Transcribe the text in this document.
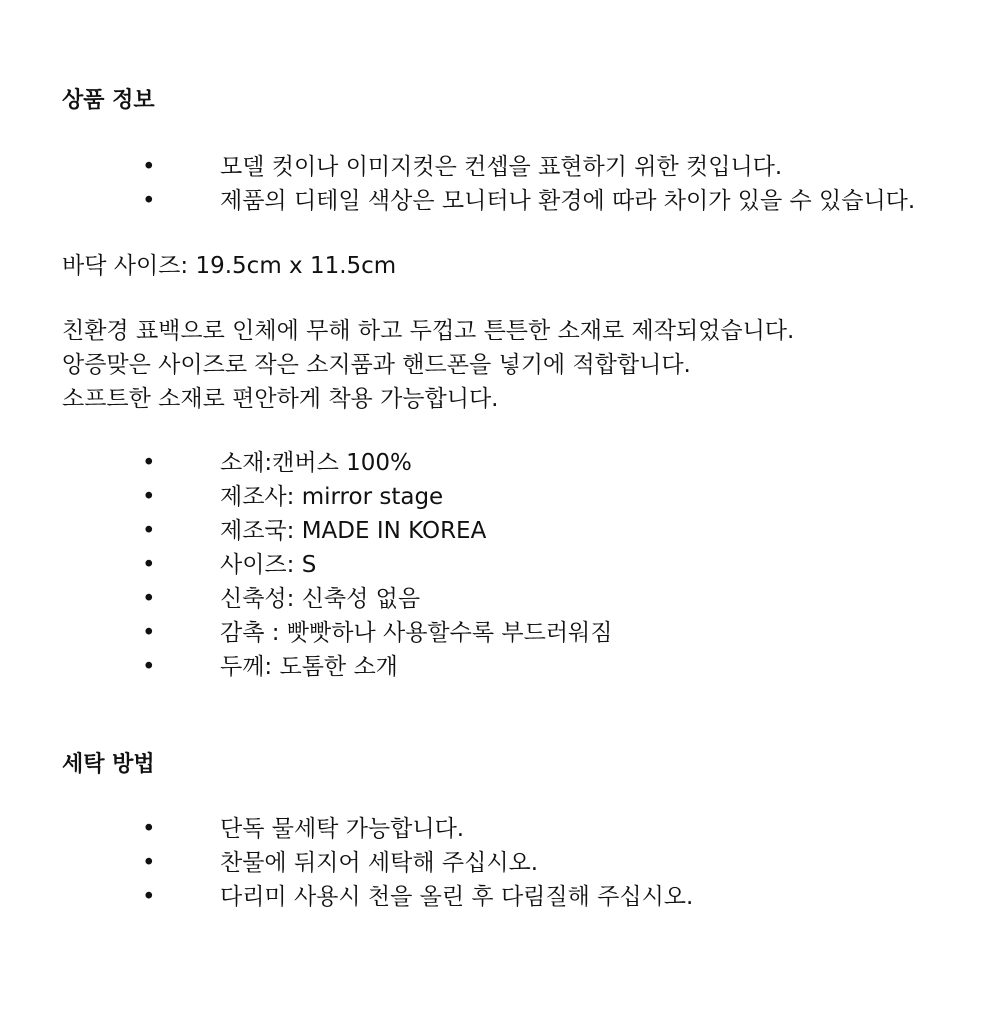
상품 정보
•	모델 컷이나 이미지컷은 컨셉을 표현하기 위한 컷입니다.
•	제품의 디테일 색상은 모니터나 환경에 따라 차이가 있을 수 있습니다.

바닥 사이즈: 19.5cm x 11.5cm

친환경 표백으로 인체에 무해 하고 두껍고 튼튼한 소재로 제작되었습니다.

앙증맞은 사이즈로 작은 소지품과 핸드폰을 넣기에 적합합니다.

소프트한 소재로 편안하게 착용 가능합니다.

•	소재:캔버스 100%
•	제조사: mirror stage
•	제조국: MADE IN KOREA
•	사이즈: S
•	신축성: 신축성 없음
•	감촉 : 빳빳하나 사용할수록 부드러워짐
•	두께: 도톰한 소개
세탁 방법
•	단독 물세탁 가능합니다.
•	찬물에 뒤지어 세탁해 주십시오.
•	다리미 사용시 천을 올린 후 다림질해 주십시오.
